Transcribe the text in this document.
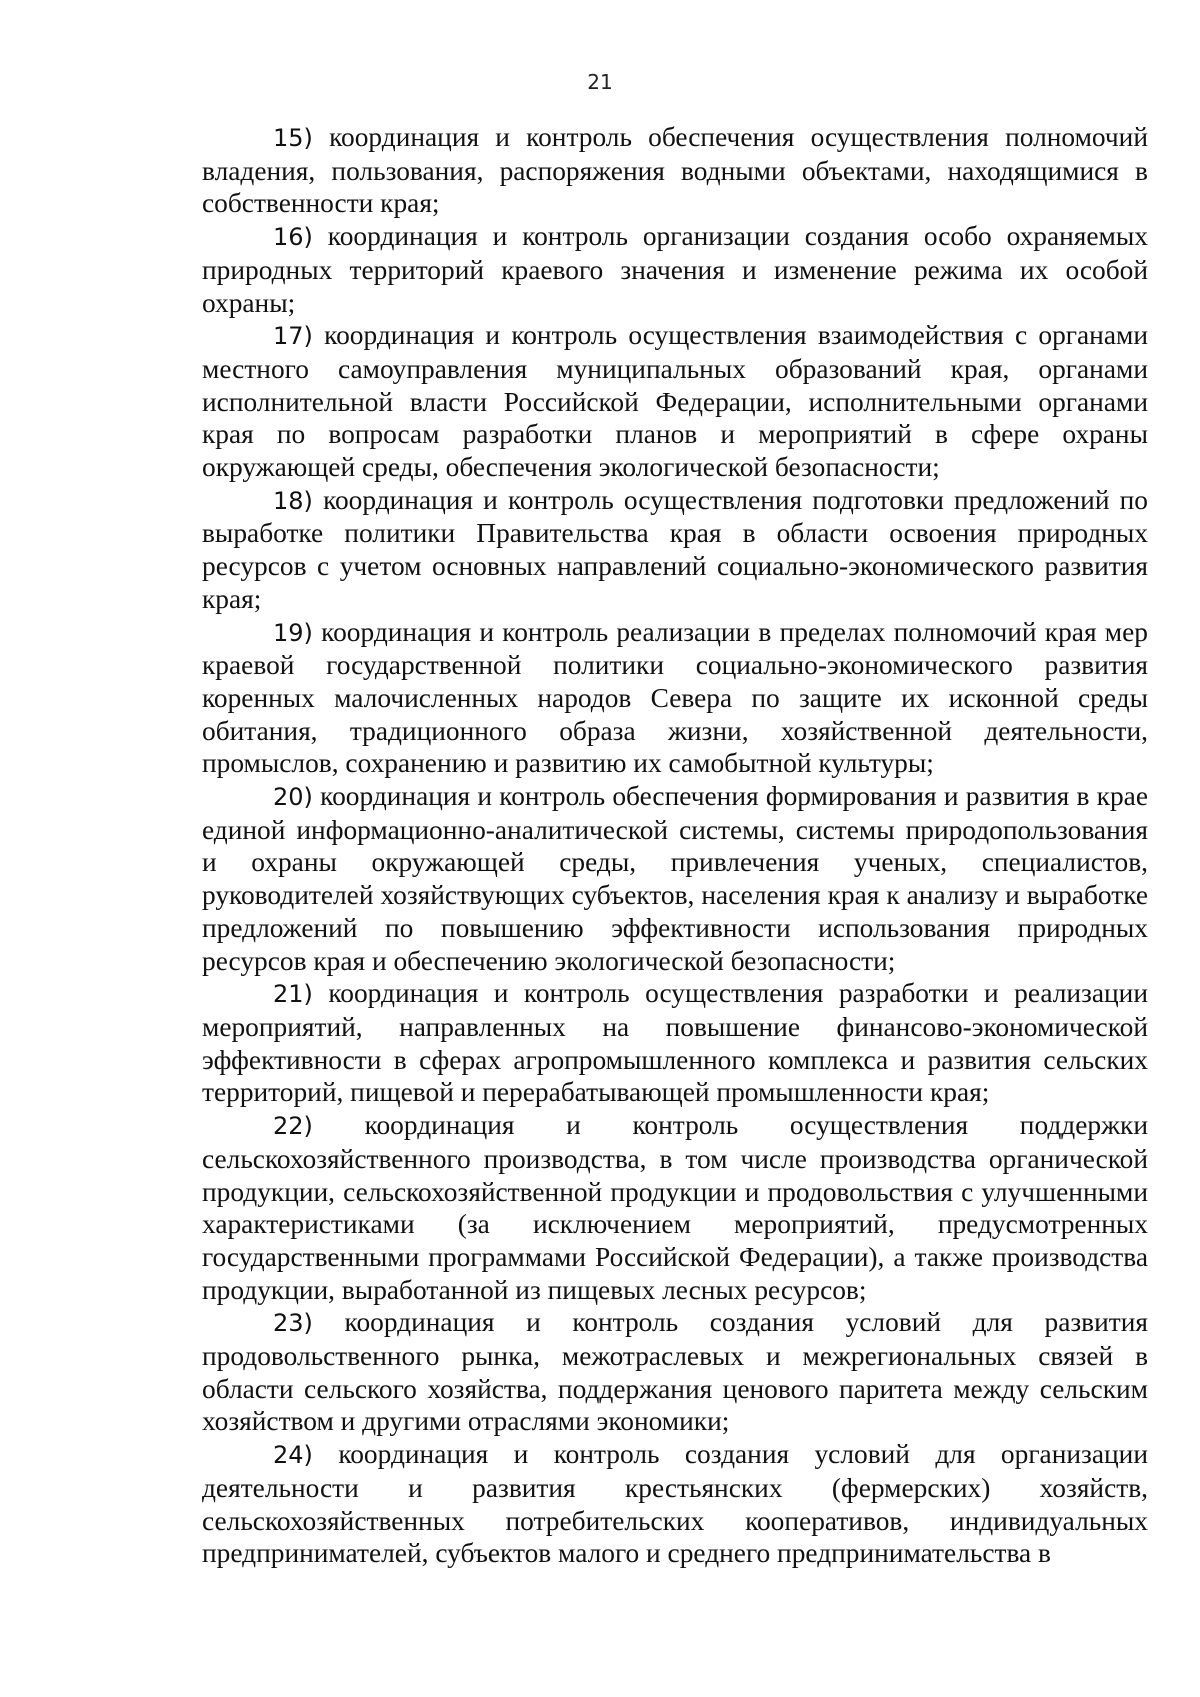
21

15) координация и контроль обеспечения осуществления полномочий владения, пользования, распоряжения водными объектами, находящимися в собственности края;

16) координация и контроль организации создания особо охраняемых природных территорий краевого значения и изменение режима их особой охраны;

17) координация и контроль осуществления взаимодействия с органами местного самоуправления муниципальных образований края, органами исполнительной власти Российской Федерации, исполнительными органами края по вопросам разработки планов и мероприятий в сфере охраны окружающей среды, обеспечения экологической безопасности;

18) координация и контроль осуществления подготовки предложений по выработке политики Правительства края в области освоения природных ресурсов с учетом основных направлений социально-экономического развития края;

19) координация и контроль реализации в пределах полномочий края мер краевой государственной политики социально-экономического развития коренных малочисленных народов Севера по защите их исконной среды обитания, традиционного образа жизни, хозяйственной деятельности, промыслов, сохранению и развитию их самобытной культуры;

20) координация и контроль обеспечения формирования и развития в крае единой информационно-аналитической системы, системы природопользования и охраны окружающей среды, привлечения ученых, специалистов, руководителей хозяйствующих субъектов, населения края к анализу и выработке предложений по повышению эффективности использования природных ресурсов края и обеспечению экологической безопасности;

21) координация и контроль осуществления разработки и реализации мероприятий, направленных на повышение финансово-экономической эффективности в сферах агропромышленного комплекса и развития сельских территорий, пищевой и перерабатывающей промышленности края;

22) координация и контроль осуществления поддержки сельскохозяйственного производства, в том числе производства органической продукции, сельскохозяйственной продукции и продовольствия с улучшенными характеристиками (за исключением мероприятий, предусмотренных государственными программами Российской Федерации), а также производства продукции, выработанной из пищевых лесных ресурсов;

23) координация и контроль создания условий для развития продовольственного рынка, межотраслевых и межрегиональных связей в области сельского хозяйства, поддержания ценового паритета между сельским хозяйством и другими отраслями экономики;

24) координация и контроль создания условий для организации деятельности и развития крестьянских (фермерских) хозяйств, сельскохозяйственных потребительских кооперативов, индивидуальных предпринимателей, субъектов малого и среднего предпринимательства в
